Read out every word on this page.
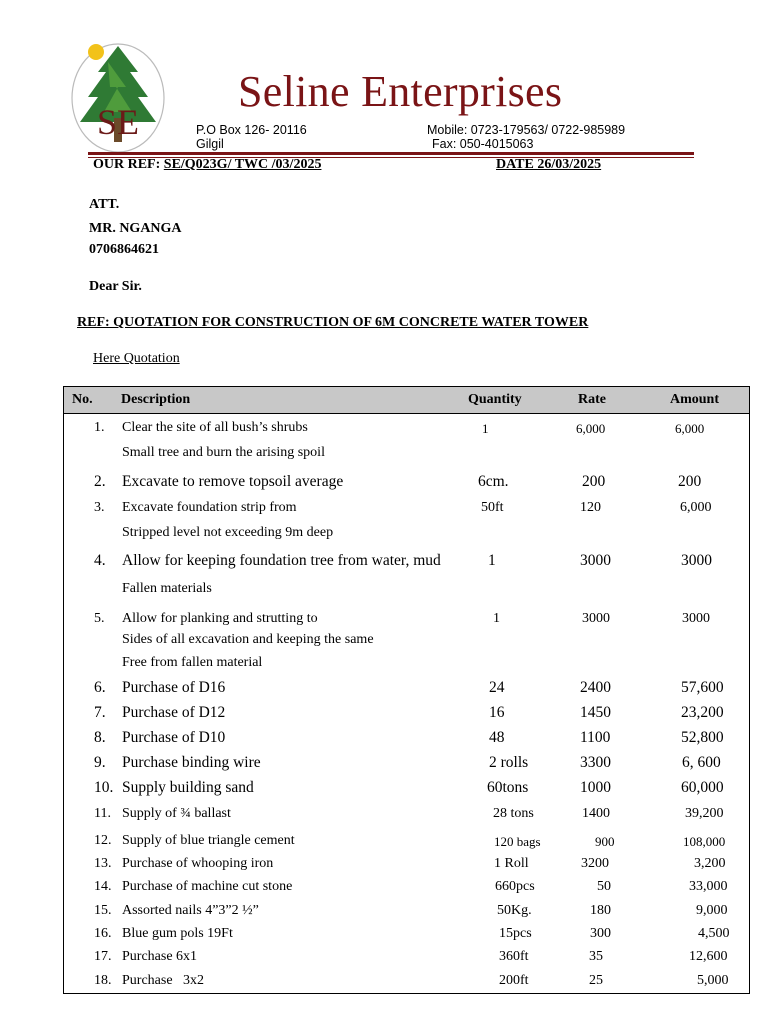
SE
Seline Enterprises
P.O Box 126- 20116
Gilgil
Mobile: 0723-179563/ 0722-985989
Fax: 050-4015063
OUR REF: SE/Q023G/ TWC /03/2025	DATE 26/03/2025
ATT.
MR. NGANGA
0706864621
Dear Sir.
REF: QUOTATION FOR CONSTRUCTION OF 6M CONCRETE WATER TOWER
Here Quotation
No. Description	Quantity	Rate	Amount
1. Clear the site of all bush’s shrubs
Small tree and burn the arising spoil
1	6,000	6,000
2. Excavate to remove topsoil average	6cm.	200	200
3. Excavate foundation strip from
Stripped level not exceeding 9m deep
50ft	120	6,000
4. Allow for keeping foundation tree from water, mud
Fallen materials
1	3000	3000
5. Allow for planking and strutting to
Sides of all excavation and keeping the same
Free from fallen material
1	3000	3000
6. Purchase of D16	24	2400	57,600
7. Purchase of D12	16	1450	23,200
8. Purchase of D10	48	1100	52,800
9. Purchase binding wire	2 rolls	3300	6, 600
10. Supply building sand	60tons	1000	60,000
11. Supply of ¾ ballast	28 tons	1400	39,200
12. Supply of blue triangle cement	120 bags	900	108,000
13. Purchase of whooping iron	1 Roll	3200	3,200
14. Purchase of machine cut stone	660pcs	50	33,000
15. Assorted nails 4”3”2 ½”	50Kg.	180	9,000
16. Blue gum pols 19Ft	15pcs	300	4,500
17. Purchase 6x1	360ft	35	12,600
18. Purchase   3x2	200ft	25	5,000
